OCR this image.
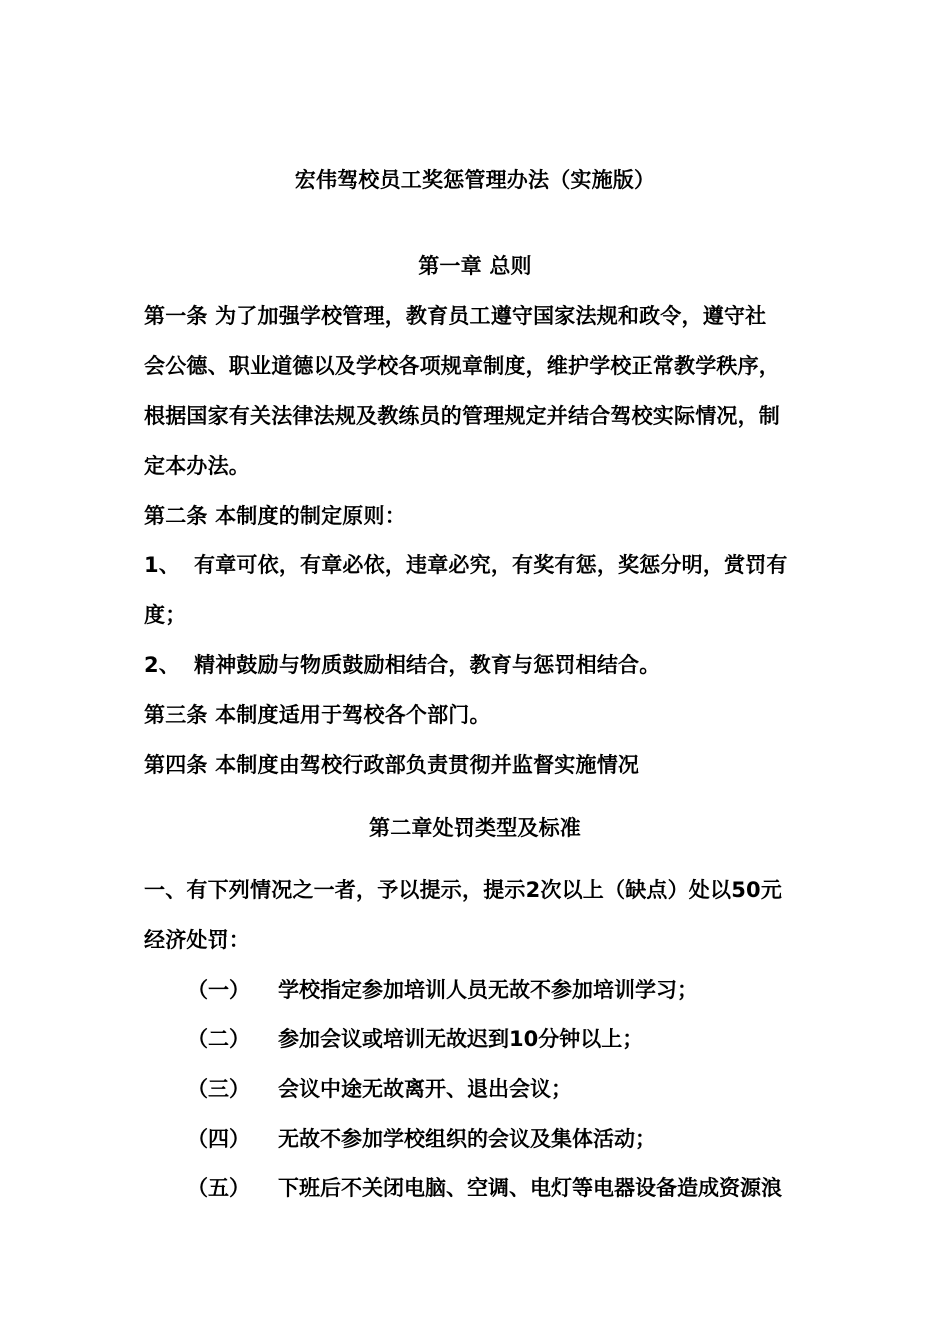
宏伟驾校员工奖惩管理办法（实施版）
第一章 总则
第一条 为了加强学校管理，教育员工遵守国家法规和政令，遵守社
会公德、职业道德以及学校各项规章制度，维护学校正常教学秩序，
根据国家有关法律法规及教练员的管理规定并结合驾校实际情况，制
定本办法。
第二条 本制度的制定原则：
1、 有章可依，有章必依，违章必究，有奖有惩，奖惩分明，赏罚有
度；
2、 精神鼓励与物质鼓励相结合，教育与惩罚相结合。
第三条 本制度适用于驾校各个部门。
第四条 本制度由驾校行政部负责贯彻并监督实施情况
第二章处罚类型及标准
一、有下列情况之一者，予以提示，提示2次以上（缺点）处以50元
经济处罚：
（一） 学校指定参加培训人员无故不参加培训学习；
（二） 参加会议或培训无故迟到10分钟以上；
（三） 会议中途无故离开、退出会议；
（四） 无故不参加学校组织的会议及集体活动；
（五） 下班后不关闭电脑、空调、电灯等电器设备造成资源浪
